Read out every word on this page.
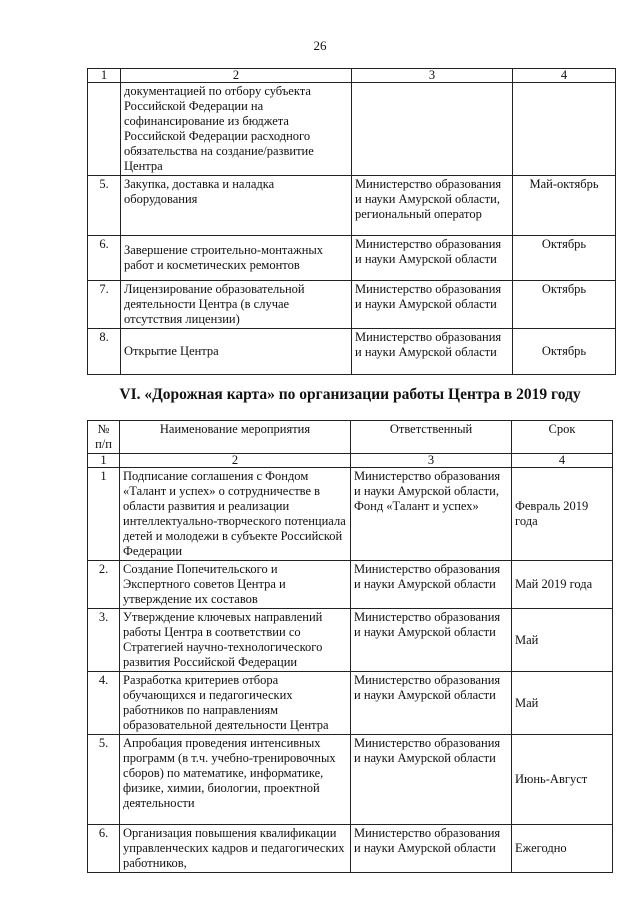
26
1	2	3	4
	документацией по отбору субъекта Российской Федерации на софинансирование из бюджета Российской Федерации расходного обязательства на создание/развитие Центра		
5.	Закупка, доставка и наладка оборудования	Министерство образования и науки Амурской области, региональный оператор	Май-октябрь
6.	Завершение строительно-монтажных работ и косметических ремонтов	Министерство образования и науки Амурской области	Октябрь
7.	Лицензирование образовательной деятельности Центра (в случае отсутствия лицензии)	Министерство образования и науки Амурской области	Октябрь
8.	Открытие Центра	Министерство образования и науки Амурской области	Октябрь
VI. «Дорожная карта» по организации работы Центра в 2019 году
№ п/п	Наименование мероприятия	Ответственный	Срок
1	2	3	4
1	Подписание соглашения с Фондом «Талант и успех» о сотрудничестве в области развития и реализации интеллектуально-творческого потенциала детей и молодежи в субъекте Российской Федерации	Министерство образования и науки Амурской области, Фонд «Талант и успех»	Февраль 2019 года
2.	Создание Попечительского и Экспертного советов Центра и утверждение их составов	Министерство образования и науки Амурской области	Май 2019 года
3.	Утверждение ключевых направлений работы Центра в соответствии со Стратегией научно-технологического развития Российской Федерации	Министерство образования и науки Амурской области	Май
4.	Разработка критериев отбора обучающихся и педагогических работников по направлениям образовательной деятельности Центра	Министерство образования и науки Амурской области	Май
5.	Апробация проведения интенсивных программ (в т.ч. учебно-тренировочных сборов) по математике, информатике, физике, химии, биологии, проектной деятельности	Министерство образования и науки Амурской области	Июнь-Август
6.	Организация повышения квалификации управленческих кадров и педагогических работников,	Министерство образования и науки Амурской области	Ежегодно
